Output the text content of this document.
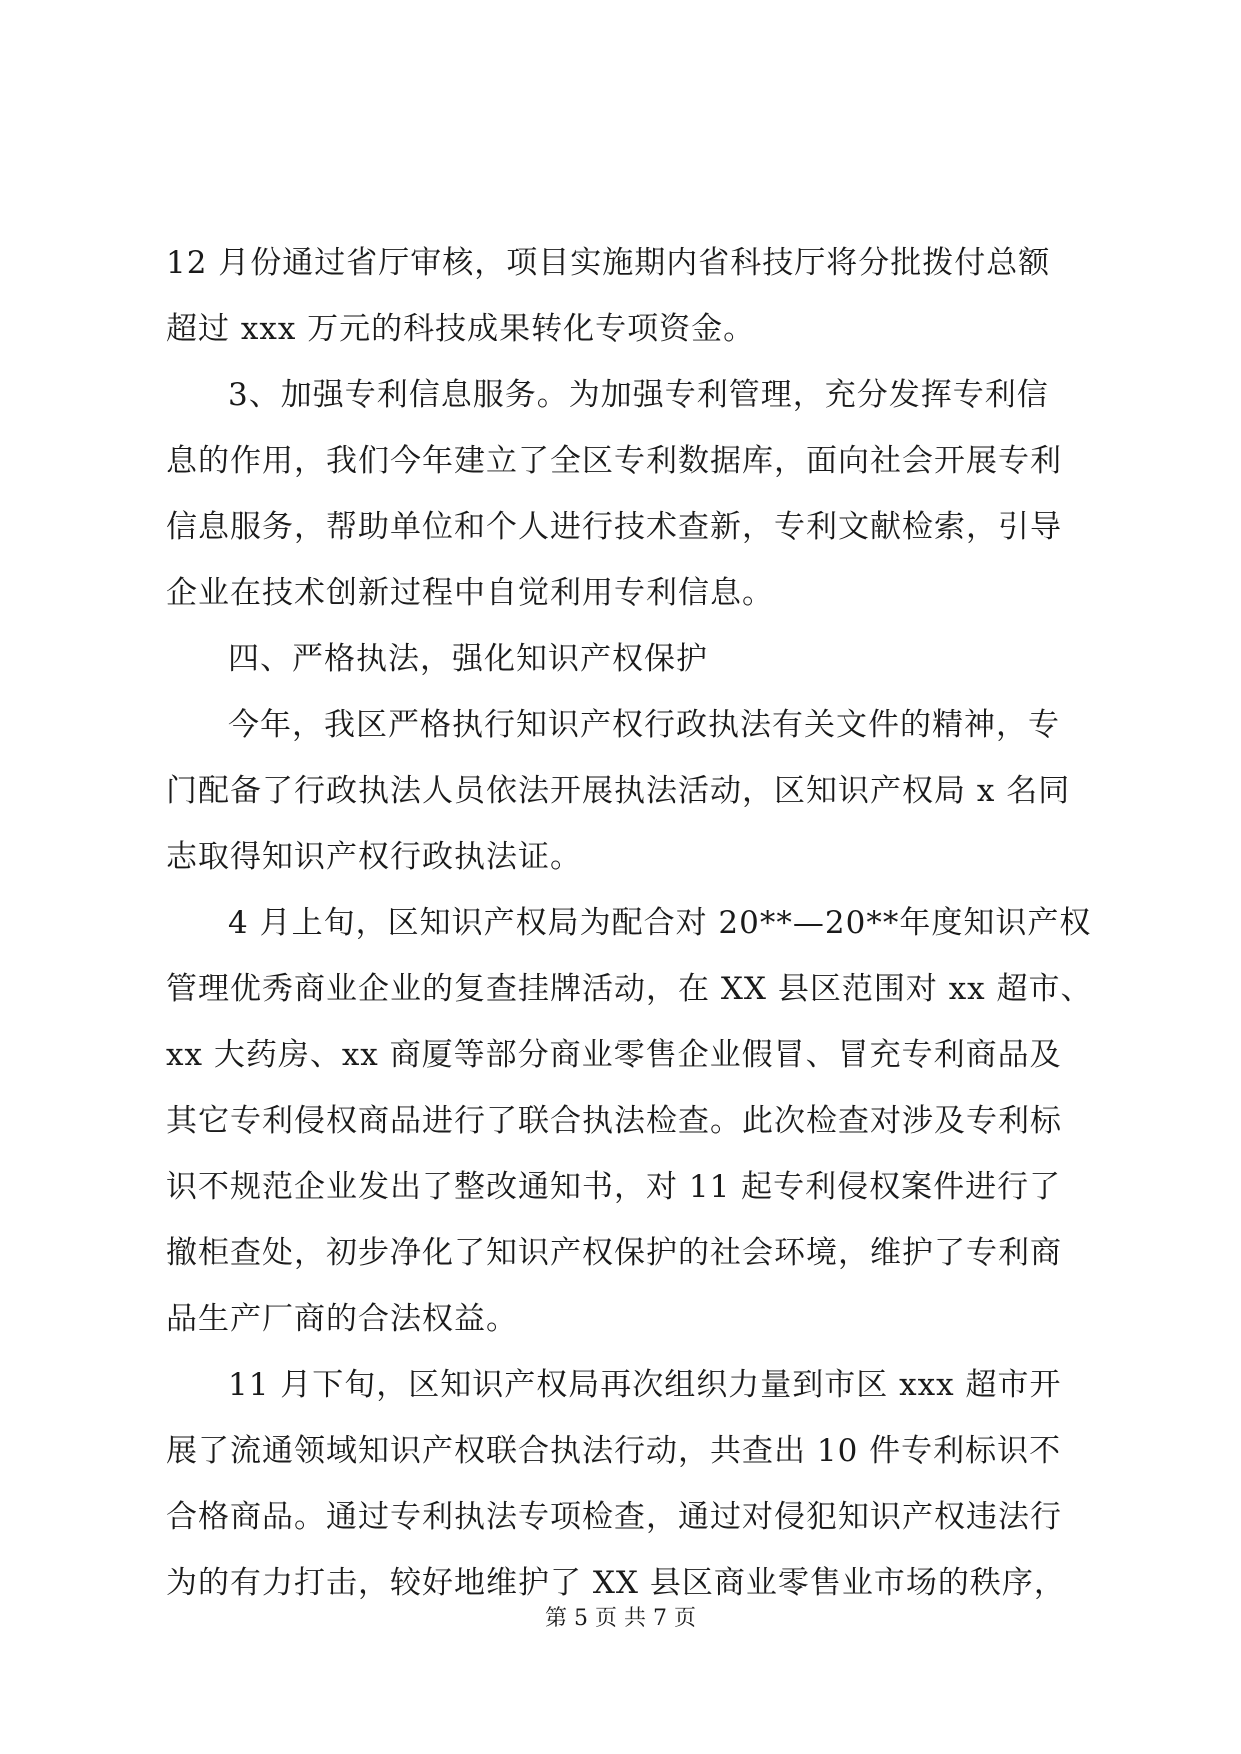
12 月份通过省厅审核，项目实施期内省科技厅将分批拨付总额
超过 xxx 万元的科技成果转化专项资金。
3、加强专利信息服务。为加强专利管理，充分发挥专利信
息的作用，我们今年建立了全区专利数据库，面向社会开展专利
信息服务，帮助单位和个人进行技术查新，专利文献检索，引导
企业在技术创新过程中自觉利用专利信息。
四、严格执法，强化知识产权保护
今年，我区严格执行知识产权行政执法有关文件的精神，专
门配备了行政执法人员依法开展执法活动，区知识产权局 x 名同
志取得知识产权行政执法证。
4 月上旬，区知识产权局为配合对 20**—20**年度知识产权
管理优秀商业企业的复查挂牌活动，在 XX 县区范围对 xx 超市、
xx 大药房、xx 商厦等部分商业零售企业假冒、冒充专利商品及
其它专利侵权商品进行了联合执法检查。此次检查对涉及专利标
识不规范企业发出了整改通知书，对 11 起专利侵权案件进行了
撤柜查处，初步净化了知识产权保护的社会环境，维护了专利商
品生产厂商的合法权益。
11 月下旬，区知识产权局再次组织力量到市区 xxx 超市开
展了流通领域知识产权联合执法行动，共查出 10 件专利标识不
合格商品。通过专利执法专项检查，通过对侵犯知识产权违法行
为的有力打击，较好地维护了 XX 县区商业零售业市场的秩序，
第 5 页 共 7 页
